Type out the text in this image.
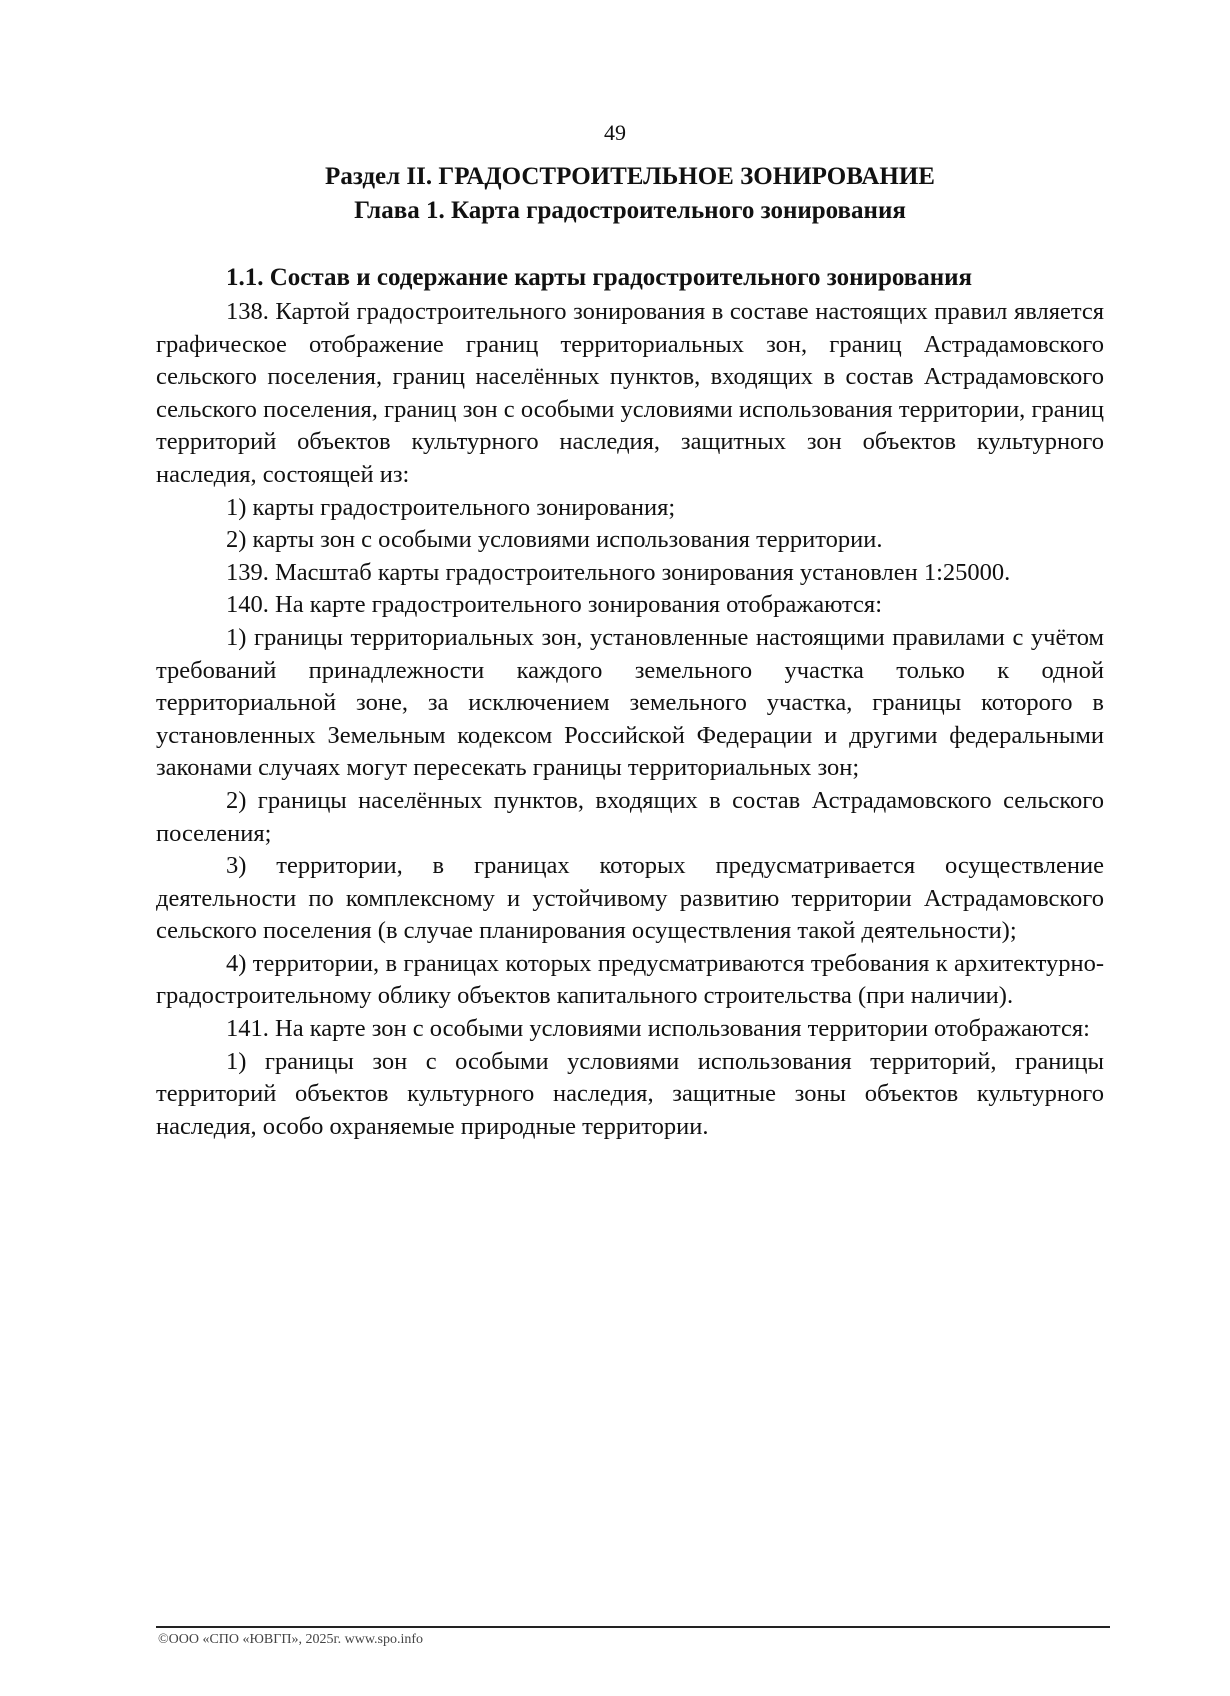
49
Раздел II. ГРАДОСТРОИТЕЛЬНОЕ ЗОНИРОВАНИЕ
Глава 1. Карта градостроительного зонирования
1.1. Состав и содержание карты градостроительного зонирования

138. Картой градостроительного зонирования в составе настоящих правил является графическое отображение границ территориальных зон, границ Астрадамовского сельского поселения, границ населённых пунктов, входящих в состав Астрадамовского сельского поселения, границ зон с особыми условиями использования территории, границ территорий объектов культурного наследия, защитных зон объектов культурного наследия, состоящей из:

1) карты градостроительного зонирования;

2) карты зон с особыми условиями использования территории.

139. Масштаб карты градостроительного зонирования установлен 1:25000.

140. На карте градостроительного зонирования отображаются:

1) границы территориальных зон, установленные настоящими правилами с учётом требований принадлежности каждого земельного участка только к одной территориальной зоне, за исключением земельного участка, границы которого в установленных Земельным кодексом Российской Федерации и другими федеральными законами случаях могут пересекать границы территориальных зон;

2) границы населённых пунктов, входящих в состав Астрадамовского сельского поселения;

3) территории, в границах которых предусматривается осуществление деятельности по комплексному и устойчивому развитию территории Астрадамовского сельского поселения (в случае планирования осуществления такой деятельности);

4) территории, в границах которых предусматриваются требования к архитектурно-градостроительному облику объектов капитального строительства (при наличии).

141. На карте зон с особыми условиями использования территории отображаются:

1) границы зон с особыми условиями использования территорий, границы территорий объектов культурного наследия, защитные зоны объектов культурного наследия, особо охраняемые природные территории.

©ООО «СПО «ЮВГП», 2025г. www.spo.info
